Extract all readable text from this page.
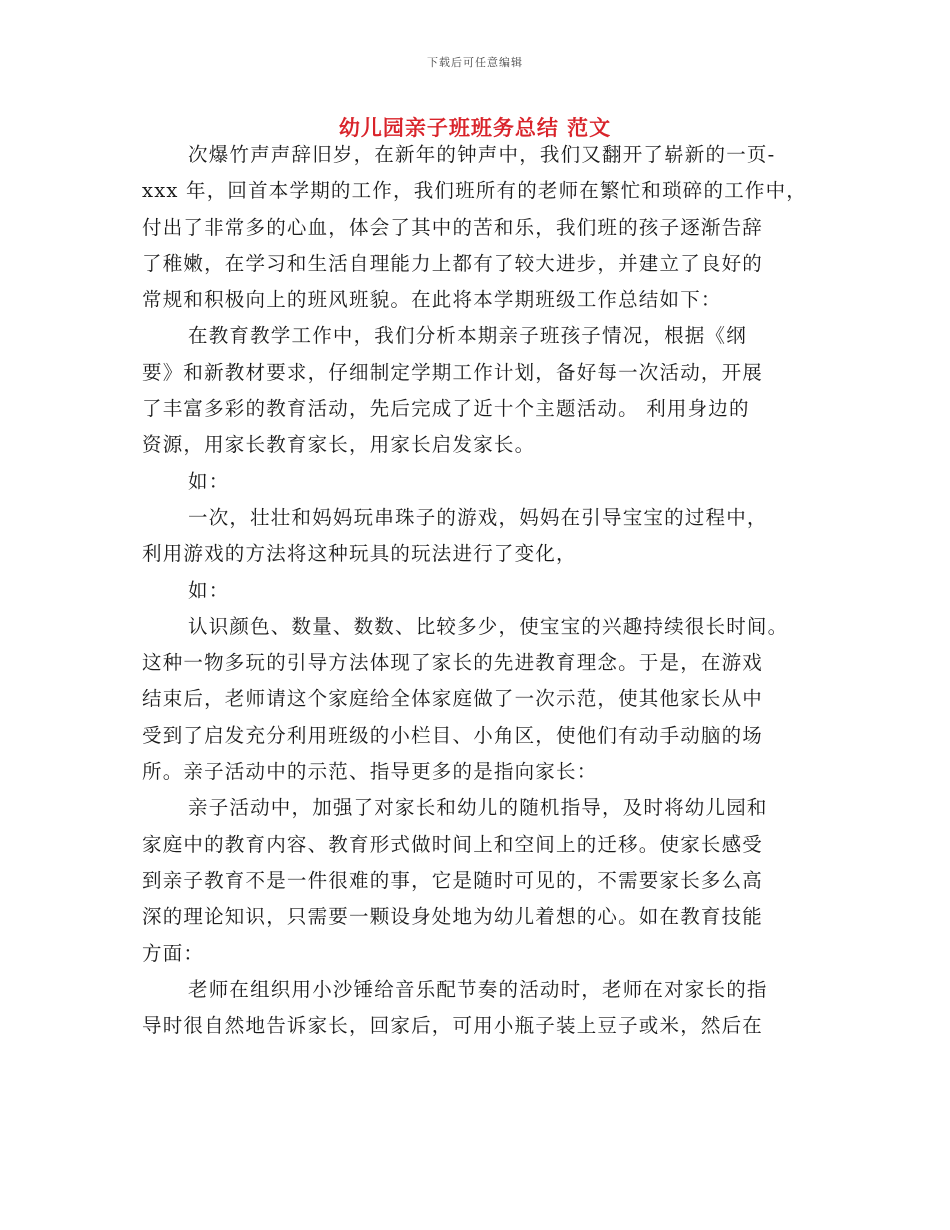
下载后可任意编辑
幼儿园亲子班班务总结 范文

次爆竹声声辞旧岁，在新年的钟声中，我们又翻开了崭新的一页-
xxx 年，回首本学期的工作，我们班所有的老师在繁忙和琐碎的工作中，
付出了非常多的心血，体会了其中的苦和乐，我们班的孩子逐渐告辞
了稚嫩，在学习和生活自理能力上都有了较大进步，并建立了良好的
常规和积极向上的班风班貌。在此将本学期班级工作总结如下：

在教育教学工作中，我们分析本期亲子班孩子情况，根据《纲
要》和新教材要求，仔细制定学期工作计划，备好每一次活动，开展
了丰富多彩的教育活动，先后完成了近十个主题活动。 利用身边的
资源，用家长教育家长，用家长启发家长。

如：

一次，壮壮和妈妈玩串珠子的游戏，妈妈在引导宝宝的过程中，
利用游戏的方法将这种玩具的玩法进行了变化，

如：

认识颜色、数量、数数、比较多少，使宝宝的兴趣持续很长时间。
这种一物多玩的引导方法体现了家长的先进教育理念。于是，在游戏
结束后，老师请这个家庭给全体家庭做了一次示范，使其他家长从中
受到了启发充分利用班级的小栏目、小角区，使他们有动手动脑的场
所。亲子活动中的示范、指导更多的是指向家长：

亲子活动中，加强了对家长和幼儿的随机指导，及时将幼儿园和
家庭中的教育内容、教育形式做时间上和空间上的迁移。使家长感受
到亲子教育不是一件很难的事，它是随时可见的，不需要家长多么高
深的理论知识，只需要一颗设身处地为幼儿着想的心。如在教育技能
方面：

老师在组织用小沙锤给音乐配节奏的活动时，老师在对家长的指
导时很自然地告诉家长，回家后，可用小瓶子装上豆子或米，然后在
